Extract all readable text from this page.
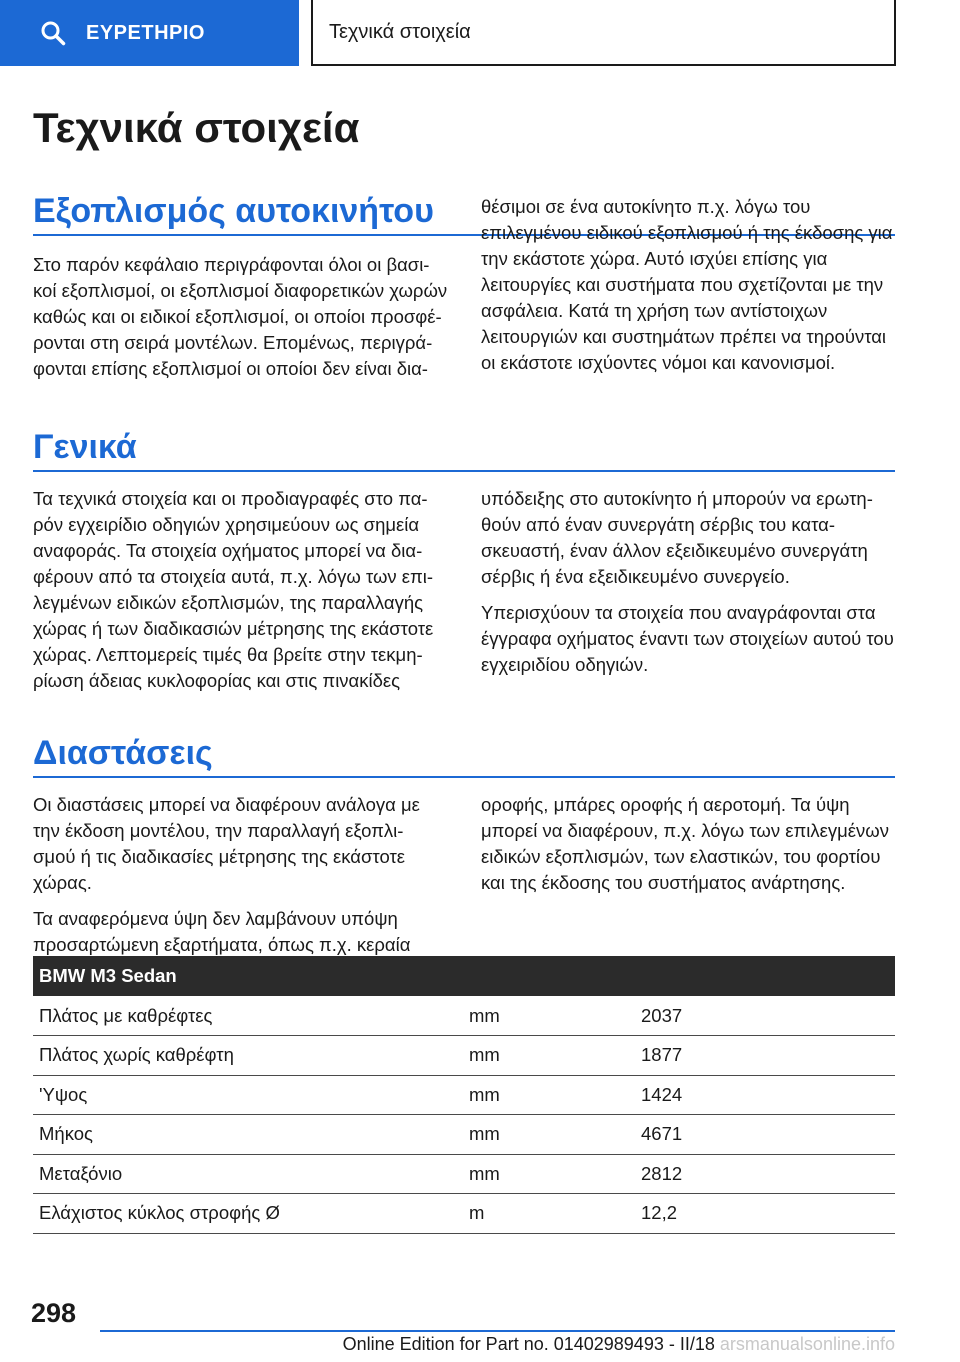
ΕΥΡΕΤΗΡΙΟ	Τεχνικά στοιχεία
Τεχνικά στοιχεία
Εξοπλισμός αυτοκινήτου

Στο παρόν κεφάλαιο περιγράφονται όλοι οι βασι- κοί εξοπλισμοί, οι εξοπλισμοί διαφορετικών χωρών καθώς και οι ειδικοί εξοπλισμοί, οι οποίοι προσφέ- ρονται στη σειρά μοντέλων. Επομένως, περιγρά- φονται επίσης εξοπλισμοί οι οποίοι δεν είναι δια-

θέσιμοι σε ένα αυτοκίνητο π.χ. λόγω του επιλεγμένου ειδικού εξοπλισμού ή της έκδοσης για την εκάστοτε χώρα. Αυτό ισχύει επίσης για λειτουργίες και συστήματα που σχετίζονται με την ασφάλεια. Κατά τη χρήση των αντίστοιχων λειτουργιών και συστημάτων πρέπει να τηρούνται οι εκάστοτε ισχύοντες νόμοι και κανονισμοί.

Γενικά

Τα τεχνικά στοιχεία και οι προδιαγραφές στο πα- ρόν εγχειρίδιο οδηγιών χρησιμεύουν ως σημεία αναφοράς. Τα στοιχεία οχήματος μπορεί να δια- φέρουν από τα στοιχεία αυτά, π.χ. λόγω των επι- λεγμένων ειδικών εξοπλισμών, της παραλλαγής χώρας ή των διαδικασιών μέτρησης της εκάστοτε χώρας. Λεπτομερείς τιμές θα βρείτε στην τεκμη- ρίωση άδειας κυκλοφορίας και στις πινακίδες

υπόδειξης στο αυτοκίνητο ή μπορούν να ερωτη- θούν από έναν συνεργάτη σέρβις του κατα- σκευαστή, έναν άλλον εξειδικευμένο συνεργάτη σέρβις ή ένα εξειδικευμένο συνεργείο.

Υπερισχύουν τα στοιχεία που αναγράφονται στα έγγραφα οχήματος έναντι των στοιχείων αυτού του εγχειριδίου οδηγιών.

Διαστάσεις

Οι διαστάσεις μπορεί να διαφέρουν ανάλογα με την έκδοση μοντέλου, την παραλλαγή εξοπλι- σμού ή τις διαδικασίες μέτρησης της εκάστοτε χώρας.

Τα αναφερόμενα ύψη δεν λαμβάνουν υπόψη προσαρτώμενη εξαρτήματα, όπως π.χ. κεραία

οροφής, μπάρες οροφής ή αεροτομή. Τα ύψη μπορεί να διαφέρουν, π.χ. λόγω των επιλεγμένων ειδικών εξοπλισμών, των ελαστικών, του φορτίου και της έκδοσης του συστήματος ανάρτησης.

BMW M3 Sedan		
Πλάτος με καθρέφτες	mm	2037
Πλάτος χωρίς καθρέφτη	mm	1877
'Υψος	mm	1424
Μήκος	mm	4671
Μεταξόνιο	mm	2812
Ελάχιστος κύκλος στροφής Ø	m	12,2
298
Online Edition for Part no. 01402989493 - II/18 arsmanualsonline.info
